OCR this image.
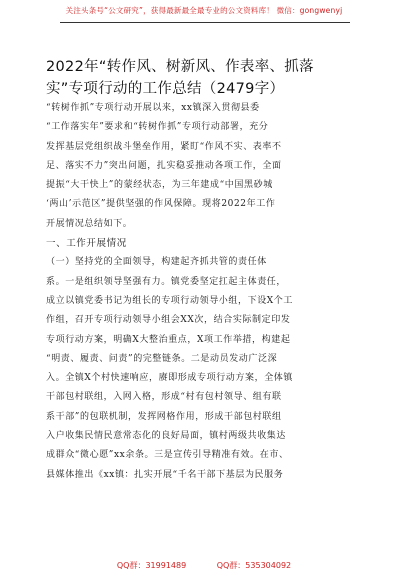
关注头条号“公文研究”，获得最新最全最专业的公文资料库！ 微信：gongwenyj
2022年“转作风、树新风、作表率、抓落
实”专项行动的工作总结（2479字）
“转树作抓”专项行动开展以来，xx镇深入贯彻县委
“工作落实年”要求和“转树作抓”专项行动部署，充分
发挥基层党组织战斗堡垒作用，紧盯“作风不实、表率不
足、落实不力”突出问题，扎实稳妥推动各项工作，全面
提振“大干快上”的蒙经状态，为三年建成“中国黑砂城
‘两山’示范区”提供坚强的作风保障。现将2022年工作
开展情况总结如下。
一、工作开展情况
（一）坚持党的全面领导，构建起齐抓共管的责任体
系。一是组织领导坚强有力。镇党委坚定扛起主体责任，
成立以镇党委书记为组长的专项行动领导小组，下设X个工
作组，召开专项行动领导小组会XX次，结合实际制定印发
专项行动方案，明确X大整治重点，X项工作举措，构建起
“明责、履责、问责”的完整链条。二是动员发动广泛深
入。全镇X个村快速响应，赓即形成专项行动方案，全体镇
干部包村联组，入网入格，形成“村有包村领导、组有联
系干部”的包联机制，发挥网格作用，形成干部包村联组
入户收集民情民意常态化的良好局面，镇村两级共收集达
成群众“微心愿”xx余条。三是宣传引导精准有效。在市、
县媒体推出《xx镇：扎实开展“千名干部下基层为民服务
QQ群：31991489	QQ群：535304092
